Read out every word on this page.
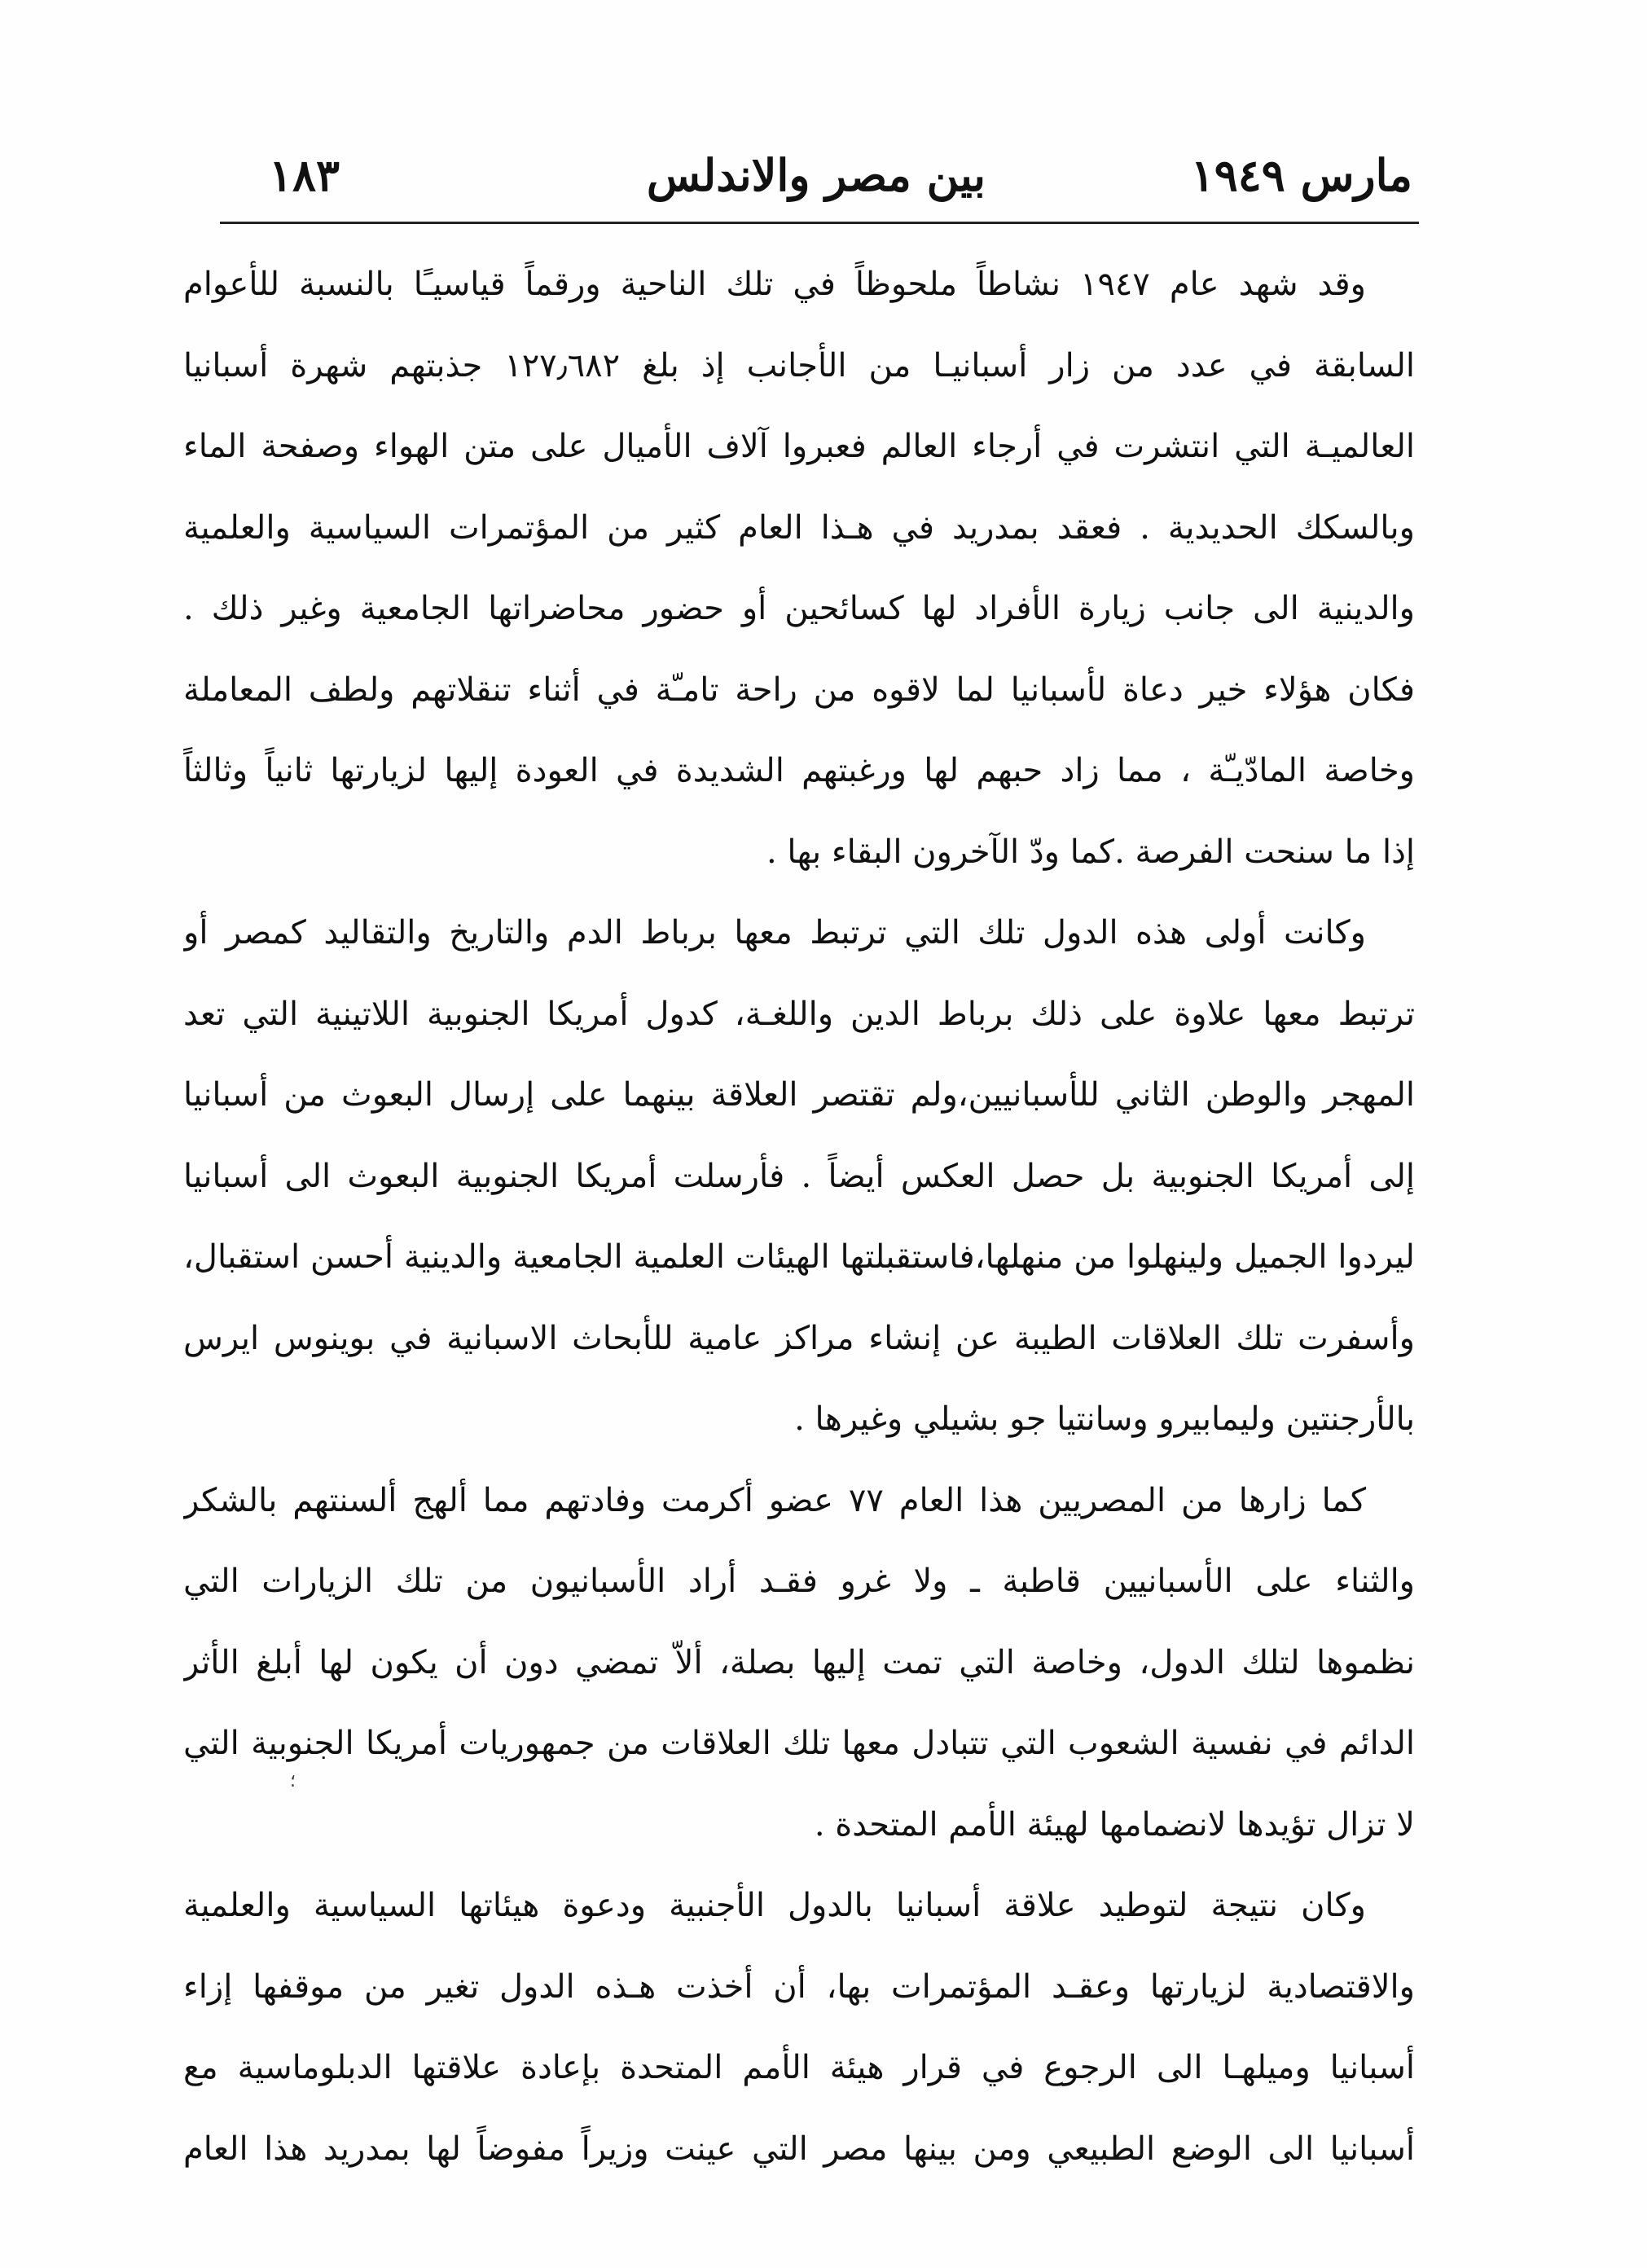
١٨٣	بين مصر والاندلس	مارس ١٩٤٩
وقد شهد عام ١٩٤٧ نشاطاً ملحوظاً في تلك الناحية ورقماً قياسيـًا بالنسبة للأعوام
السابقة في عدد من زار أسبانيـا من الأجانب إذ بلغ ١٢٧٫٦٨٢ جذبتهم شهرة أسبانيا
العالميـة التي انتشرت في أرجاء العالم فعبروا آلاف الأميال على متن الهواء وصفحة الماء
وبالسكك الحديدية . فعقد بمدريد في هـذا العام كثير من المؤتمرات السياسية والعلمية
والدينية الى جانب زيارة الأفراد لها كسائحين أو حضور محاضراتها الجامعية وغير ذلك .
فكان هؤلاء خير دعاة لأسبانيا لما لاقوه من راحة تامـّة في أثناء تنقلاتهم ولطف المعاملة
وخاصة المادّيـّة ، مما زاد حبهم لها ورغبتهم الشديدة في العودة إليها لزيارتها ثانياً وثالثاً
إذا ما سنحت الفرصة .كما ودّ الآخرون البقاء بها .
وكانت أولى هذه الدول تلك التي ترتبط معها برباط الدم والتاريخ والتقاليد كمصر أو
ترتبط معها علاوة على ذلك برباط الدين واللغـة، كدول أمريكا الجنوبية اللاتينية التي تعد
المهجر والوطن الثاني للأسبانيين،ولم تقتصر العلاقة بينهما على إرسال البعوث من أسبانيا
إلى أمريكا الجنوبية بل حصل العكس أيضاً . فأرسلت أمريكا الجنوبية البعوث الى أسبانيا
ليردوا الجميل ولينهلوا من منهلها،فاستقبلتها الهيئات العلمية الجامعية والدينية أحسن استقبال،
وأسفرت تلك العلاقات الطيبة عن إنشاء مراكز عامية للأبحاث الاسبانية في بوينوس ايرس
بالأرجنتين وليمابيرو وسانتيا جو بشيلي وغيرها .
كما زارها من المصريين هذا العام ٧٧ عضو أكرمت وفادتهم مما ألهج ألسنتهم بالشكر
والثناء على الأسبانيين قاطبة ـ ولا غرو فقـد أراد الأسبانيون من تلك الزيارات التي
نظموها لتلك الدول، وخاصة التي تمت إليها بصلة، ألاّ تمضي دون أن يكون لها أبلغ الأثر
الدائم في نفسية الشعوب التي تتبادل معها تلك العلاقات من جمهوريات أمريكا الجنوبية التي
لا تزال تؤيدها لانضمامها لهيئة الأمم المتحدة .
وكان نتيجة لتوطيد علاقة أسبانيا بالدول الأجنبية ودعوة هيئاتها السياسية والعلمية
والاقتصادية لزيارتها وعقـد المؤتمرات بها، أن أخذت هـذه الدول تغير من موقفها إزاء
أسبانيا وميلهـا الى الرجوع في قرار هيئة الأمم المتحدة بإعادة علاقتها الدبلوماسية مع
أسبانيا الى الوضع الطبيعي ومن بينها مصر التي عينت وزيراً مفوضاً لها بمدريد هذا العام
؛
